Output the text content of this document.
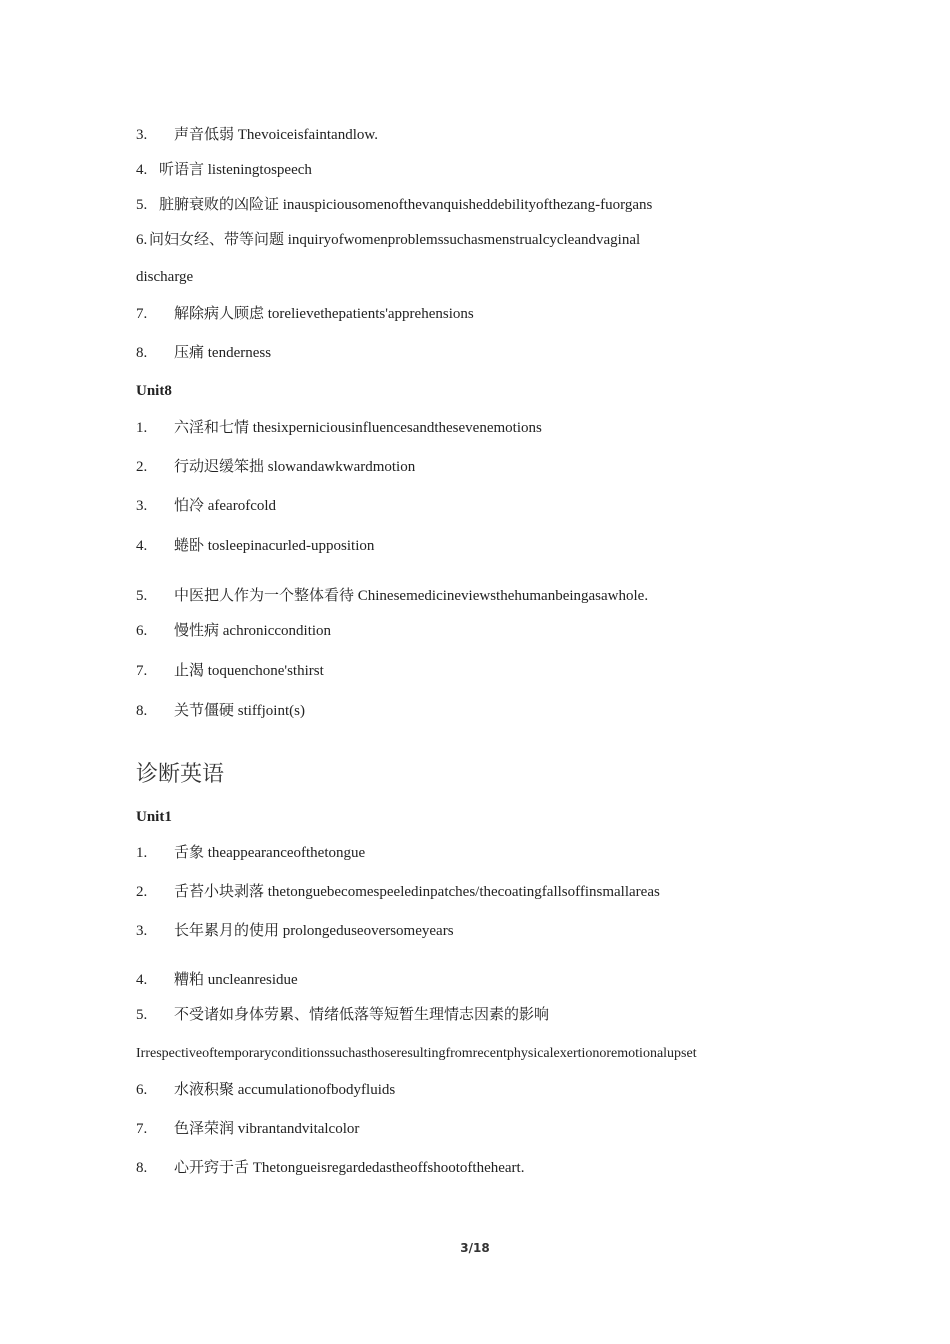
3. 声音低弱 Thevoiceisfaintandlow.
4. 听语言 listeningtospeech
5. 脏腑衰败的凶险证 inauspiciousomenofthevanquisheddebilityofthezang-fuorgans
6. 问妇女经、带等问题 inquiryofwomenproblemssuchasmenstrualcycleandvaginal
discharge
7. 解除病人顾虑 torelievethepatients'apprehensions
8. 压痛 tenderness
Unit8
1. 六淫和七情 thesixperniciousinfluencesandthesevenemotions
2. 行动迟缓笨拙 slowandawkwardmotion
3. 怕冷 afearofcold
4. 蜷卧 tosleepinacurled-upposition
5. 中医把人作为一个整体看待 Chinesemedicineviewsthehumanbeingasawhole.
6. 慢性病 achroniccondition
7. 止渴 toquenchone'sthirst
8. 关节僵硬 stiffjoint(s)
诊断英语
Unit1
1. 舌象 theappearanceofthetongue
2. 舌苔小块剥落 thetonguebecomespeeledinpatches/thecoatingfallsoffinsmallareas
3. 长年累月的使用 prolongeduseoversomeyears
4. 糟粕 uncleanresidue
5. 不受诸如身体劳累、情绪低落等短暂生理情志因素的影响
Irrespectiveoftemporaryconditionssuchasthoseresultingfromrecentphysicalexertionoremotionalupset
6. 水液积聚 accumulationofbodyfluids
7. 色泽荣润 vibrantandvitalcolor
8. 心开窍于舌 Thetongueisregardedastheoffshootoftheheart.
3/18
